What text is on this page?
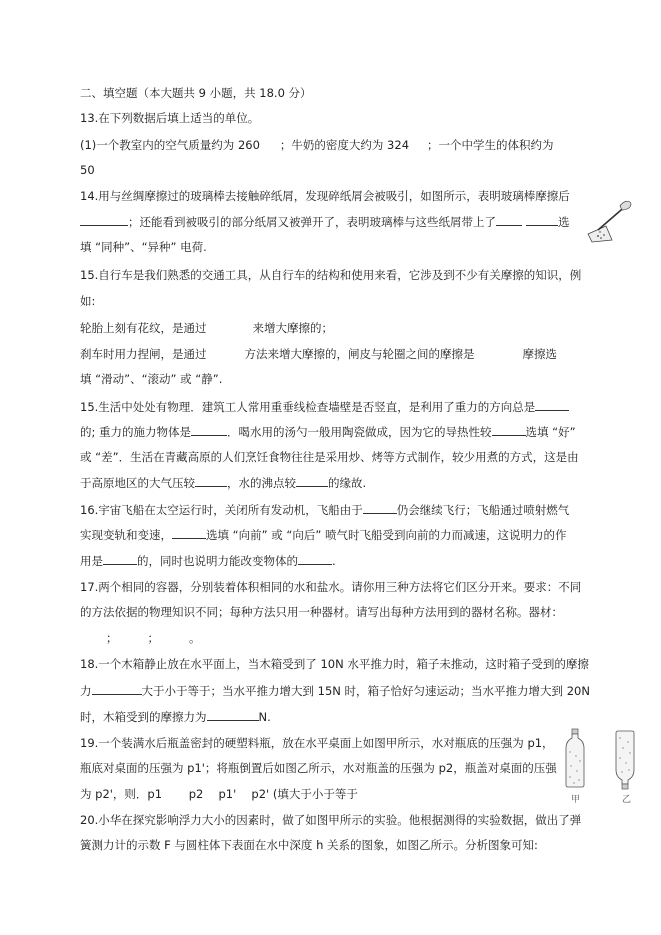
二、填空题（本大题共 9 小题，共 18.0 分）
13.在下列数据后填上适当的单位。
(1)一个教室内的空气质量约为 260 ；牛奶的密度大约为 324 ；一个中学生的体积约为
50
14.用与丝绸摩擦过的玻璃棒去接触碎纸屑，发现碎纸屑会被吸引，如图所示，表明玻璃棒摩擦后
；还能看到被吸引的部分纸屑又被弹开了，表明玻璃棒与这些纸屑带上了	选
填 “同种”、“异种” 电荷.
15.自行车是我们熟悉的交通工具，从自行车的结构和使用来看，它涉及到不少有关摩擦的知识，例
如:
轮胎上刻有花纹，是通过	来增大摩擦的；
刹车时用力捏闸，是通过	方法来增大摩擦的，闸皮与轮圈之间的摩擦是	摩擦选
填 “滑动”、“滚动” 或 “静”.
15.生活中处处有物理．建筑工人常用重垂线检查墙壁是否竖直，是利用了重力的方向总是
的; 重力的施力物体是	．喝水用的汤勺一般用陶瓷做成，因为它的导热性较	选填 “好”
或 “差”．生活在青藏高原的人们烹饪食物往往是采用炒、烤等方式制作，较少用煮的方式，这是由
于高原地区的大气压较	，水的沸点较	的缘故.
16.宇宙飞船在太空运行时，关闭所有发动机，飞船由于	仍会继续飞行；飞船通过喷射燃气
实现变轨和变速，	选填 “向前” 或 “向后” 喷气时飞船受到向前的力而减速，这说明力的作
用是	的，同时也说明力能改变物体的	.
17.两个相同的容器，分别装着体积相同的水和盐水。请你用三种方法将它们区分开来。要求：不同
的方法依据的物理知识不同；每种方法只用一种器材。请写出每种方法用到的器材名称。器材：
；	；	。
18.一个木箱静止放在水平面上，当木箱受到了 10N 水平推力时，箱子未推动，这时箱子受到的摩擦
力	大于小于等于；当水平推力增大到 15N 时，箱子恰好匀速运动；当水平推力增大到 20N
时，木箱受到的摩擦力为	N.
19.一个装满水后瓶盖密封的硬塑料瓶，放在水平桌面上如图甲所示，水对瓶底的压强为 p1，
瓶底对桌面的压强为 p1'；将瓶倒置后如图乙所示，水对瓶盖的压强为 p2，瓶盖对桌面的压强
为 p2'，则．p1　　 p2　 p1'　 p2' (填大于小于等于	甲	乙
20.小华在探究影响浮力大小的因素时，做了如图甲所示的实验。他根据测得的实验数据，做出了弹
簧测力计的示数 F 与圆柱体下表面在水中深度 h 关系的图象，如图乙所示。分析图象可知:
